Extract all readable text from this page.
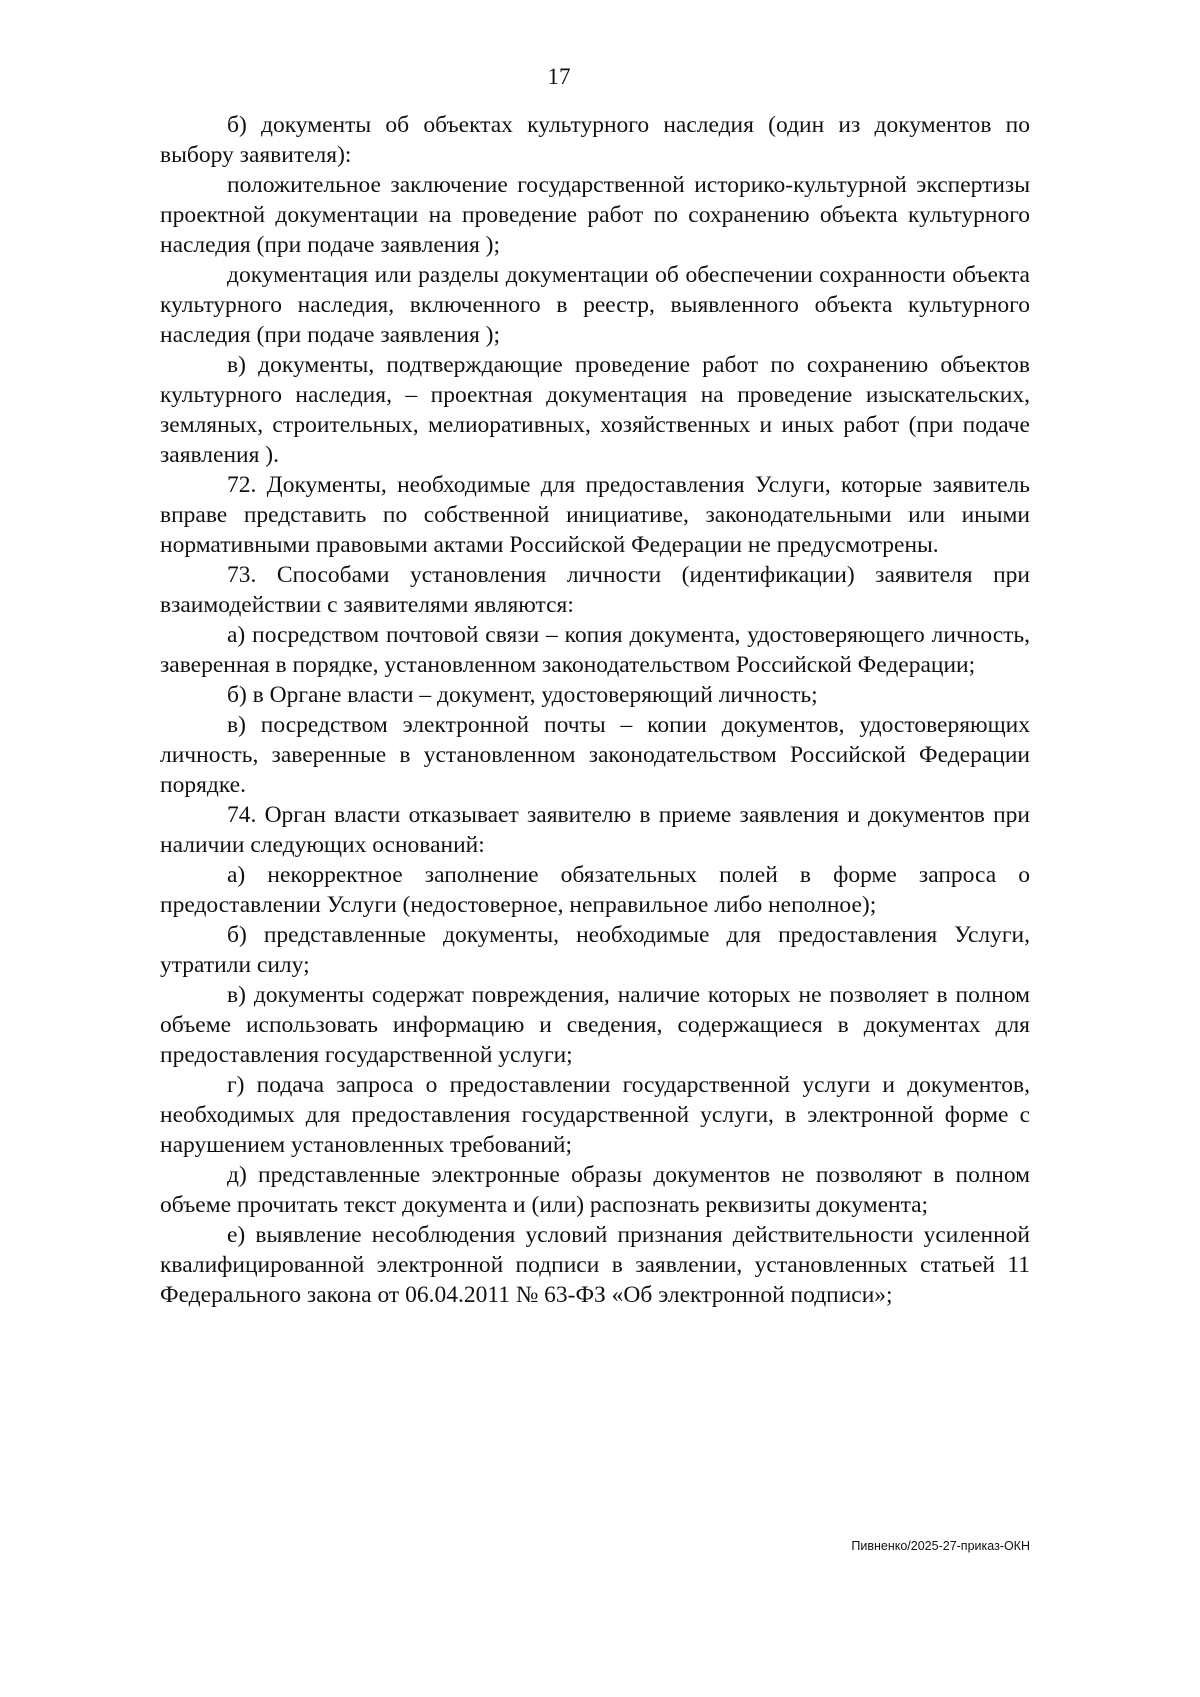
17

б) документы об объектах культурного наследия (один из документов по выбору заявителя):

положительное заключение государственной историко-культурной экспертизы проектной документации на проведение работ по сохранению объекта культурного наследия (при подаче заявления );

документация или разделы документации об обеспечении сохранности объекта культурного наследия, включенного в реестр, выявленного объекта культурного наследия (при подаче заявления );

в) документы, подтверждающие проведение работ по сохранению объектов культурного наследия, – проектная документация на проведение изыскательских, земляных, строительных, мелиоративных, хозяйственных и иных работ (при подаче заявления ).

72. Документы, необходимые для предоставления Услуги, которые заявитель вправе представить по собственной инициативе, законодательными или иными нормативными правовыми актами Российской Федерации не предусмотрены.

73. Способами установления личности (идентификации) заявителя при взаимодействии с заявителями являются:

а) посредством почтовой связи – копия документа, удостоверяющего личность, заверенная в порядке, установленном законодательством Российской Федерации;

б) в Органе власти – документ, удостоверяющий личность;

в) посредством электронной почты – копии документов, удостоверяющих личность, заверенные в установленном законодательством Российской Федерации порядке.

74. Орган власти отказывает заявителю в приеме заявления и документов при наличии следующих оснований:

а) некорректное заполнение обязательных полей в форме запроса о предоставлении Услуги (недостоверное, неправильное либо неполное);

б) представленные документы, необходимые для предоставления Услуги, утратили силу;

в) документы содержат повреждения, наличие которых не позволяет в полном объеме использовать информацию и сведения, содержащиеся в документах для предоставления государственной услуги;

г) подача запроса о предоставлении государственной услуги и документов, необходимых для предоставления государственной услуги, в электронной форме с нарушением установленных требований;

д) представленные электронные образы документов не позволяют в полном объеме прочитать текст документа и (или) распознать реквизиты документа;

е) выявление несоблюдения условий признания действительности усиленной квалифицированной электронной подписи в заявлении, установленных статьей 11 Федерального закона от 06.04.2011 № 63-ФЗ «Об электронной подписи»;

Пивненко/2025-27-приказ-ОКН
